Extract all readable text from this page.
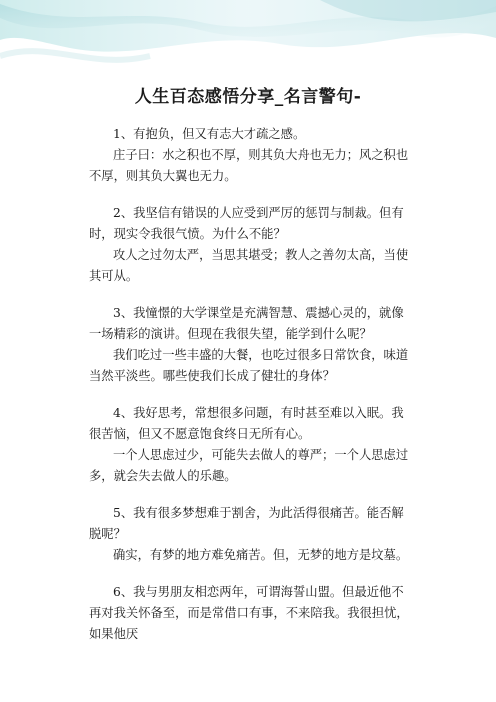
人生百态感悟分享_名言警句-

1、有抱负，但又有志大才疏之感。

庄子曰：水之积也不厚，则其负大舟也无力；风之积也不厚，则其负大翼也无力。

2、我坚信有错误的人应受到严厉的惩罚与制裁。但有时，现实令我很气愤。为什么不能？

攻人之过勿太严，当思其堪受；教人之善勿太高，当使其可从。

3、我憧憬的大学课堂是充满智慧、震撼心灵的，就像一场精彩的演讲。但现在我很失望，能学到什么呢？

我们吃过一些丰盛的大餐，也吃过很多日常饮食，味道当然平淡些。哪些使我们长成了健壮的身体？

4、我好思考，常想很多问题，有时甚至难以入眠。我很苦恼，但又不愿意饱食终日无所有心。

一个人思虑过少，可能失去做人的尊严；一个人思虑过多，就会失去做人的乐趣。

5、我有很多梦想难于割舍，为此活得很痛苦。能否解脱呢？

确实，有梦的地方难免痛苦。但，无梦的地方是坟墓。

6、我与男朋友相恋两年，可谓海誓山盟。但最近他不再对我关怀备至，而是常借口有事，不来陪我。我很担忧，如果他厌
